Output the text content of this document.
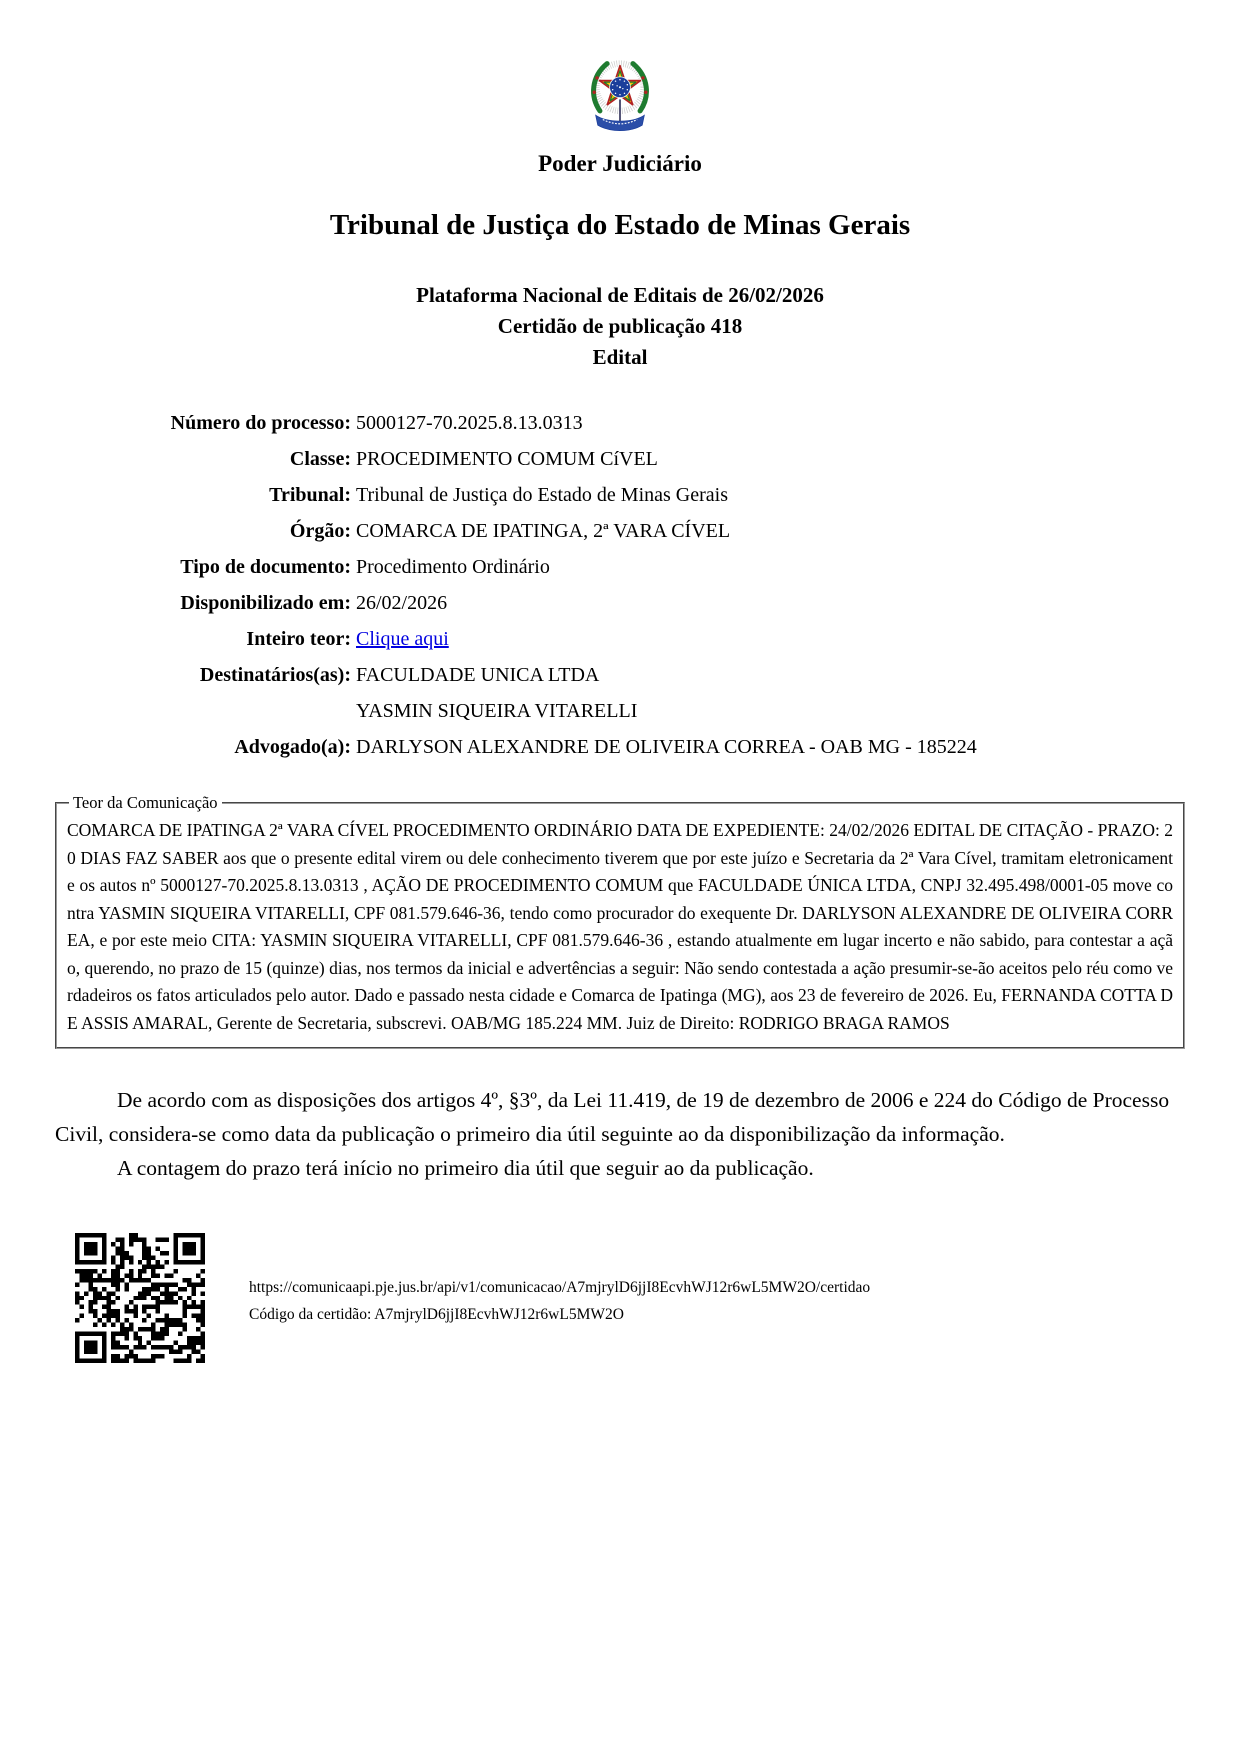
Poder Judiciário
Tribunal de Justiça do Estado de Minas Gerais
Plataforma Nacional de Editais de 26/02/2026
Certidão de publicação 418
Edital
Número do processo: 5000127-70.2025.8.13.0313
Classe: PROCEDIMENTO COMUM CíVEL
Tribunal: Tribunal de Justiça do Estado de Minas Gerais
Órgão: COMARCA DE IPATINGA, 2ª VARA CÍVEL
Tipo de documento: Procedimento Ordinário
Disponibilizado em: 26/02/2026
Inteiro teor: Clique aqui
Destinatários(as): FACULDADE UNICA LTDA
YASMIN SIQUEIRA VITARELLI
Advogado(a): DARLYSON ALEXANDRE DE OLIVEIRA CORREA - OAB MG - 185224
Teor da Comunicação
COMARCA DE IPATINGA 2ª VARA CÍVEL PROCEDIMENTO ORDINÁRIO DATA DE EXPEDIENTE: 24/02/2026 EDITAL DE CITAÇÃO - PRAZO: 20 DIAS FAZ SABER aos que o presente edital virem ou dele conhecimento tiverem que por este juízo e Secretaria da 2ª Vara Cível, tramitam eletronicamente os autos nº 5000127-70.2025.8.13.0313 , AÇÃO DE PROCEDIMENTO COMUM que FACULDADE ÚNICA LTDA, CNPJ 32.495.498/0001-05 move contra YASMIN SIQUEIRA VITARELLI, CPF 081.579.646-36, tendo como procurador do exequente Dr. DARLYSON ALEXANDRE DE OLIVEIRA CORREA, e por este meio CITA: YASMIN SIQUEIRA VITARELLI, CPF 081.579.646-36 , estando atualmente em lugar incerto e não sabido, para contestar a ação, querendo, no prazo de 15 (quinze) dias, nos termos da inicial e advertências a seguir: Não sendo contestada a ação presumir-se-ão aceitos pelo réu como verdadeiros os fatos articulados pelo autor. Dado e passado nesta cidade e Comarca de Ipatinga (MG), aos 23 de fevereiro de 2026. Eu, FERNANDA COTTA DE ASSIS AMARAL, Gerente de Secretaria, subscrevi. OAB/MG 185.224 MM. Juiz de Direito: RODRIGO BRAGA RAMOS

De acordo com as disposições dos artigos 4º, §3º, da Lei 11.419, de 19 de dezembro de 2006 e 224 do Código de Processo Civil, considera-se como data da publicação o primeiro dia útil seguinte ao da disponibilização da informação.

A contagem do prazo terá início no primeiro dia útil que seguir ao da publicação.

https://comunicaapi.pje.jus.br/api/v1/comunicacao/A7mjrylD6jjI8EcvhWJ12r6wL5MW2O/certidao
Código da certidão: A7mjrylD6jjI8EcvhWJ12r6wL5MW2O
